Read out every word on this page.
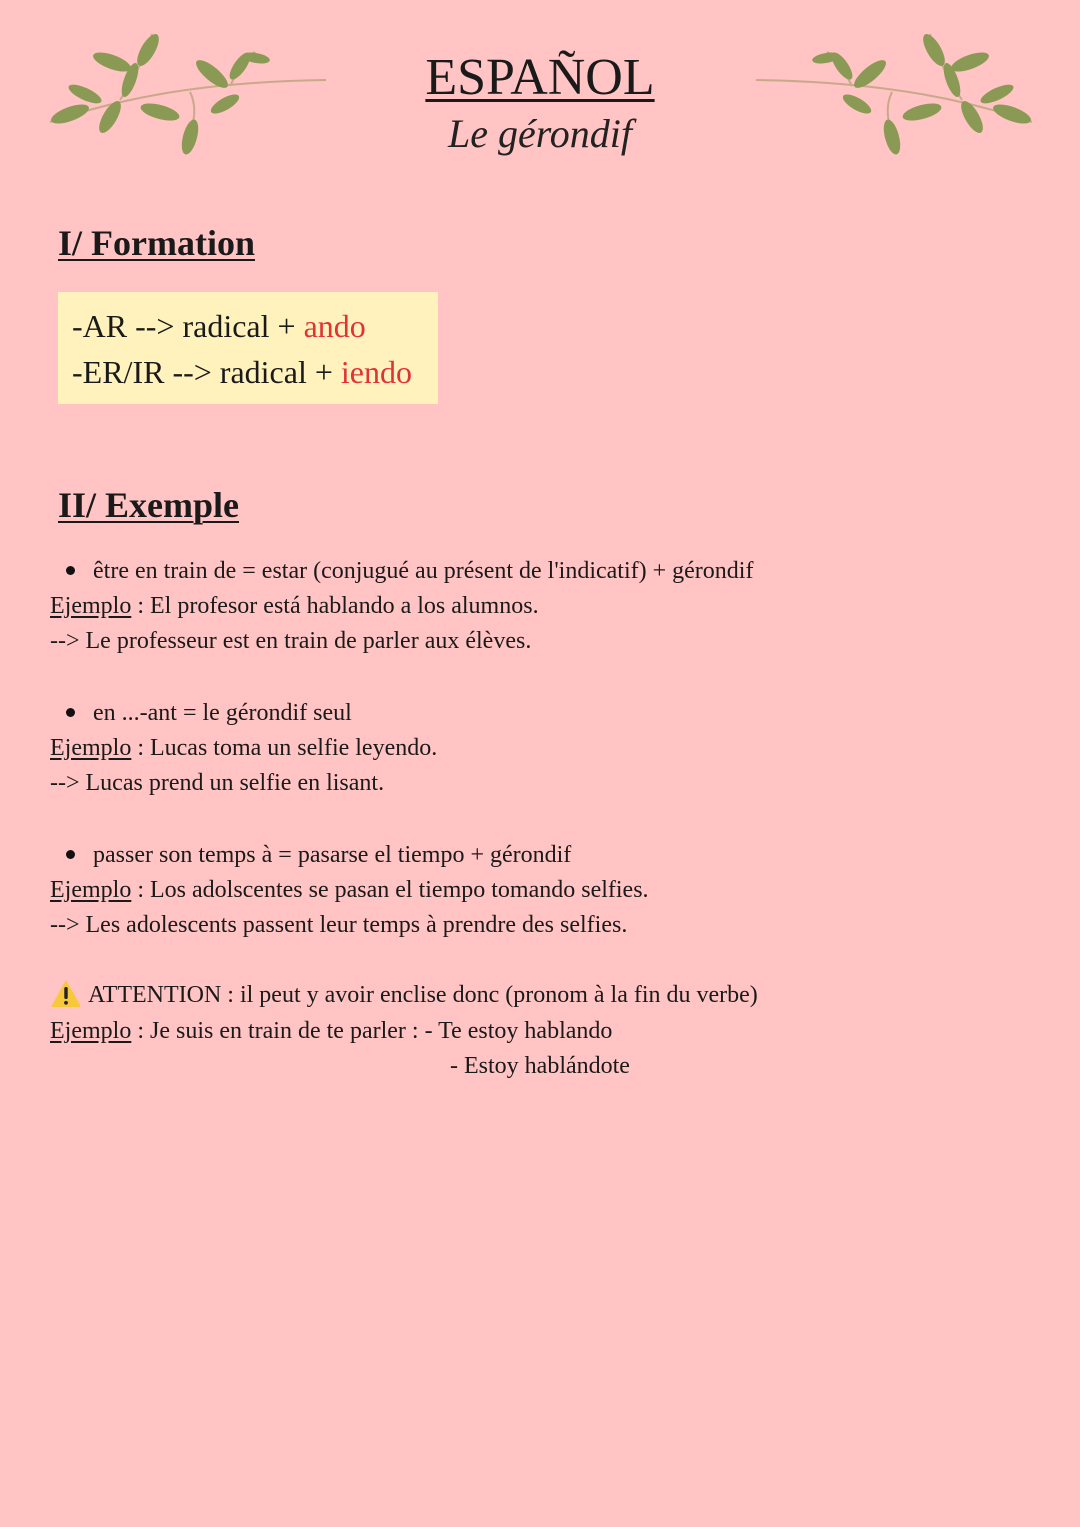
ESPAÑOL
Le gérondif
I/ Formation
-AR --> radical + ando
-ER/IR --> radical + iendo
II/ Exemple
être en train de = estar (conjugué au présent de l'indicatif) + gérondif
Ejemplo : El profesor está hablando a los alumnos.
--> Le professeur est en train de parler aux élèves.
en ...-ant = le gérondif seul
Ejemplo : Lucas toma un selfie leyendo.
--> Lucas prend un selfie en lisant.
passer son temps à = pasarse el tiempo + gérondif
Ejemplo : Los adolscentes se pasan el tiempo tomando selfies.
--> Les adolescents passent leur temps à prendre des selfies.
ATTENTION : il peut y avoir enclise donc (pronom à la fin du verbe)
Ejemplo : Je suis en train de te parler : - Te estoy hablando
- Estoy hablándote
